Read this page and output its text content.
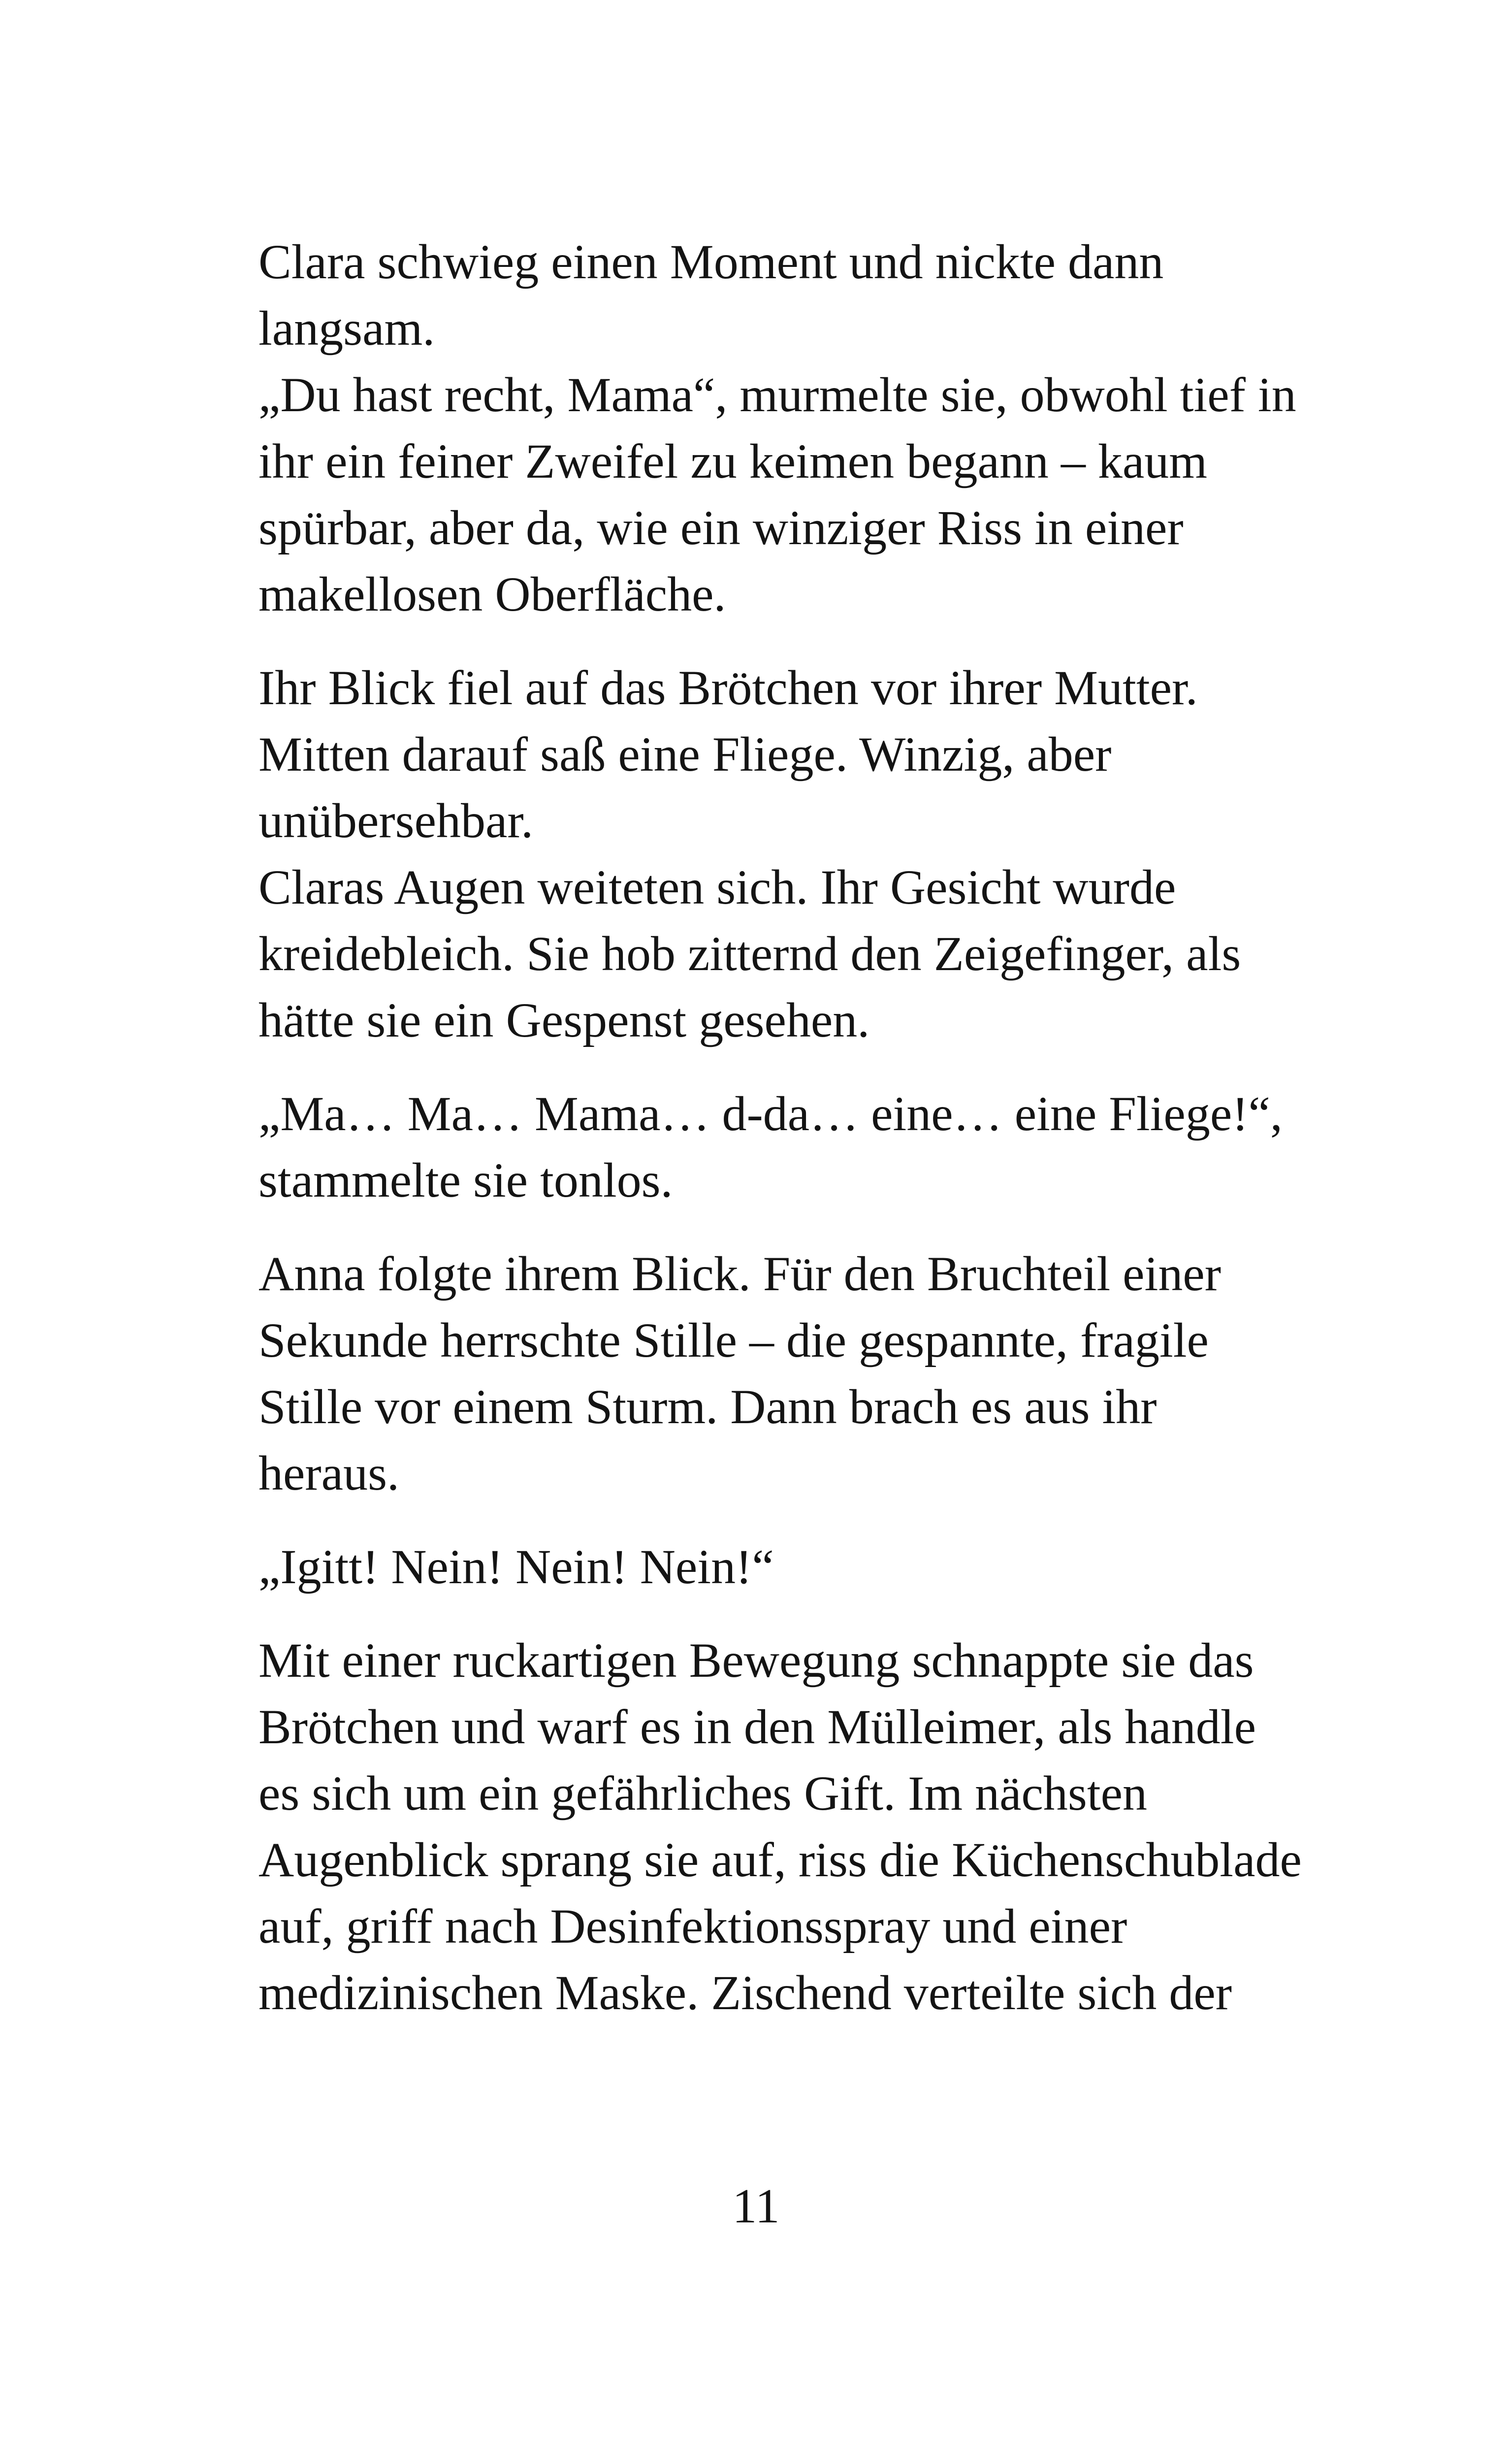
Clara schwieg einen Moment und nickte dann
langsam.
„Du hast recht, Mama“, murmelte sie, obwohl tief in
ihr ein feiner Zweifel zu keimen begann – kaum
spürbar, aber da, wie ein winziger Riss in einer
makellosen Oberfläche.
Ihr Blick fiel auf das Brötchen vor ihrer Mutter.
Mitten darauf saß eine Fliege. Winzig, aber
unübersehbar.
Claras Augen weiteten sich. Ihr Gesicht wurde
kreidebleich. Sie hob zitternd den Zeigefinger, als
hätte sie ein Gespenst gesehen.
„Ma… Ma… Mama… d-da… eine… eine Fliege!“,
stammelte sie tonlos.
Anna folgte ihrem Blick. Für den Bruchteil einer
Sekunde herrschte Stille – die gespannte, fragile
Stille vor einem Sturm. Dann brach es aus ihr
heraus.
„Igitt! Nein! Nein! Nein!“
Mit einer ruckartigen Bewegung schnappte sie das
Brötchen und warf es in den Mülleimer, als handle
es sich um ein gefährliches Gift. Im nächsten
Augenblick sprang sie auf, riss die Küchenschublade
auf, griff nach Desinfektionsspray und einer
medizinischen Maske. Zischend verteilte sich der
11
